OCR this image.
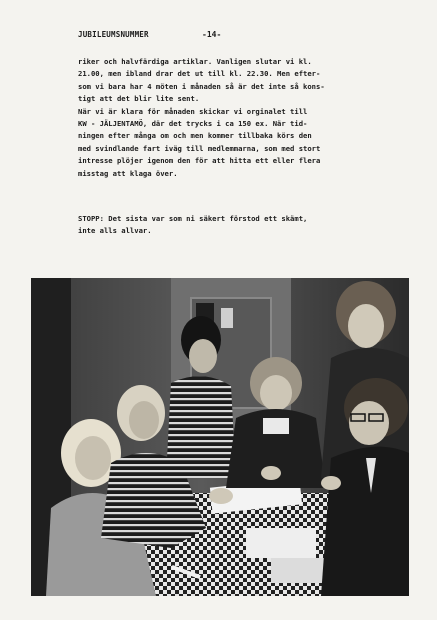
JUBILEUMSNUMMER	-14-
riker och halvfärdiga artiklar. Vanligen slutar vi kl.
21.00, men ibland drar det ut till kl. 22.30. Men efter-
som vi bara har 4 möten i månaden så är det inte så kons-
tigt att det blir lite sent.
När vi är klara för månaden skickar vi orginalet till
KW - JÄLJENTAMÖ, där det trycks i ca 150 ex. När tid-
ningen efter många om och men kommer tillbaka körs den
med svindlande fart iväg till medlemmarna, som med stort
intresse plöjer igenom den för att hitta ett eller flera
misstag att klaga över.
STOPP: Det sista var som ni säkert förstod ett skämt,
inte alls allvar.
